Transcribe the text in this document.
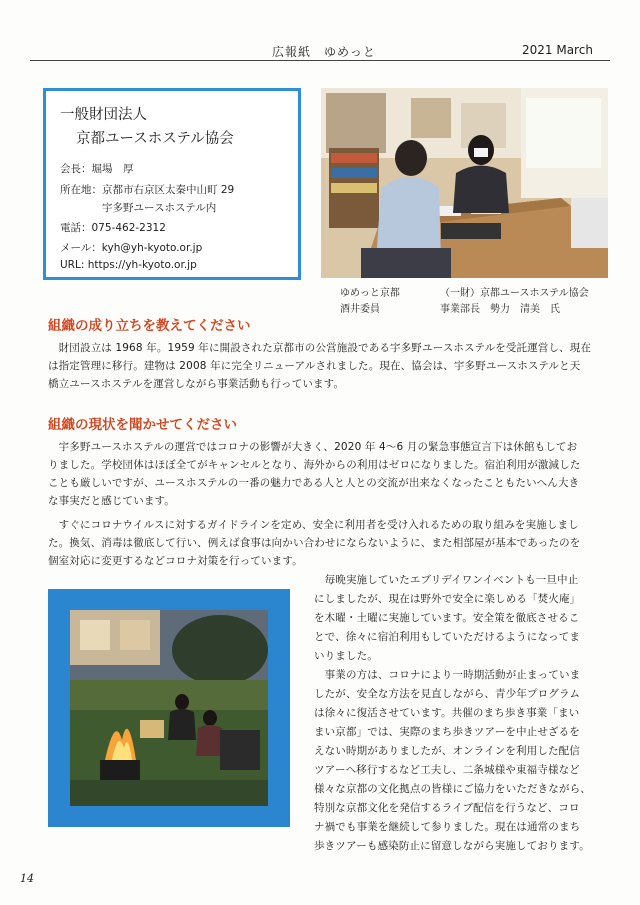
広報紙　ゆめっと	2021 March
一般財団法人
京都ユースホステル協会
会長：堀場　厚
所在地：京都市右京区太秦中山町 29
　　　　宇多野ユースホステル内
電話：075-462-2312
メール：kyh@yh-kyoto.or.jp
URL: https://yh-kyoto.or.jp
ゆめっと京都
酒井委員
（一財）京都ユースホステル協会
事業部長　勢力　清美　氏
組織の成り立ちを教えてください
　財団設立は 1968 年。1959 年に開設された京都市の公営施設である宇多野ユースホステルを受託運営し、現在
は指定管理に移行。建物は 2008 年に完全リニューアルされました。現在、協会は、宇多野ユースホステルと天
橋立ユースホステルを運営しながら事業活動も行っています。
組織の現状を聞かせてください
　宇多野ユースホステルの運営ではコロナの影響が大きく、2020 年 4～6 月の緊急事態宣言下は休館もしてお
りました。学校団体はほぼ全てがキャンセルとなり、海外からの利用はゼロになりました。宿泊利用が激減した
ことも厳しいですが、ユースホステルの一番の魅力である人と人との交流が出来なくなったこともたいへん大き
な事実だと感じています。
　すぐにコロナウイルスに対するガイドラインを定め、安全に利用者を受け入れるための取り組みを実施しまし
た。換気、消毒は徹底して行い、例えば食事は向かい合わせにならないように、また相部屋が基本であったのを
個室対応に変更するなどコロナ対策を行っています。
　毎晩実施していたエブリデイワンイベントも一旦中止
にしましたが、現在は野外で安全に楽しめる「焚火庵」
を木曜・土曜に実施しています。安全策を徹底させるこ
とで、徐々に宿泊利用もしていただけるようになってま
いりました。
　事業の方は、コロナにより一時期活動が止まっていま
したが、安全な方法を見直しながら、青少年プログラム
は徐々に復活させています。共催のまち歩き事業「まい
まい京都」では、実際のまち歩きツアーを中止せざるを
えない時期がありましたが、オンラインを利用した配信
ツアーへ移行するなど工夫し、二条城様や東福寺様など
様々な京都の文化拠点の皆様にご協力をいただきながら、
特別な京都文化を発信するライブ配信を行うなど、コロ
ナ禍でも事業を継続して参りました。現在は通常のまち
歩きツアーも感染防止に留意しながら実施しております。
14
